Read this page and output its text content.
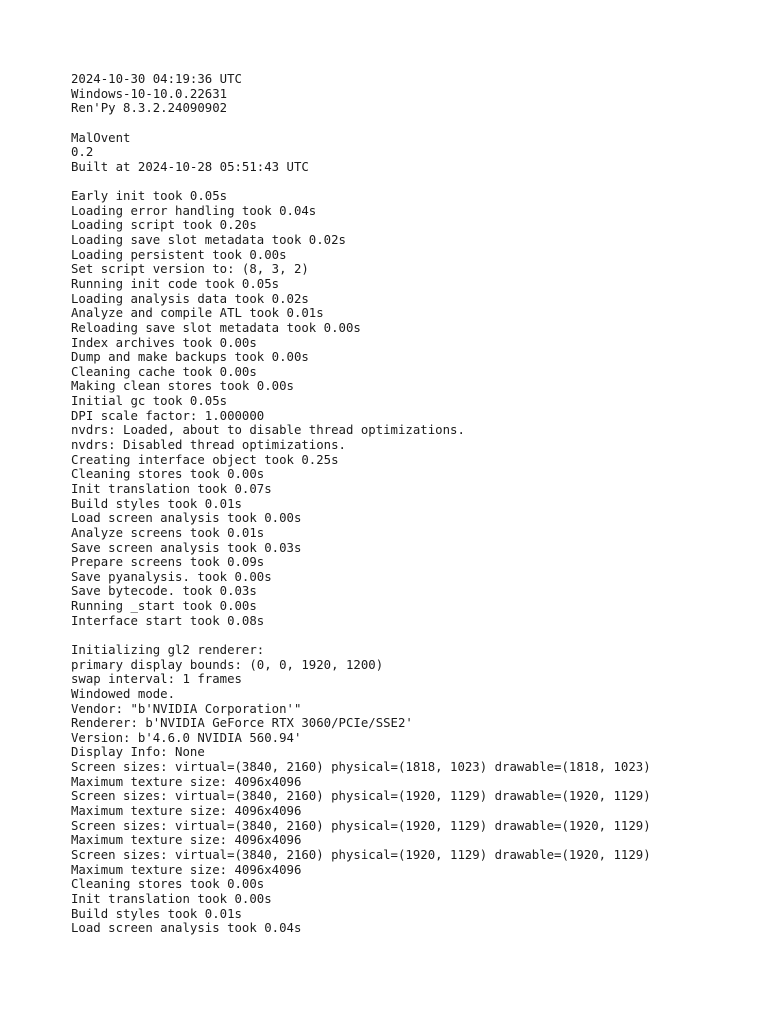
2024-10-30 04:19:36 UTC
Windows-10-10.0.22631
Ren'Py 8.3.2.24090902
MalOvent
0.2
Built at 2024-10-28 05:51:43 UTC
Early init took 0.05s
Loading error handling took 0.04s
Loading script took 0.20s
Loading save slot metadata took 0.02s
Loading persistent took 0.00s
Set script version to: (8, 3, 2)
Running init code took 0.05s
Loading analysis data took 0.02s
Analyze and compile ATL took 0.01s
Reloading save slot metadata took 0.00s
Index archives took 0.00s
Dump and make backups took 0.00s
Cleaning cache took 0.00s
Making clean stores took 0.00s
Initial gc took 0.05s
DPI scale factor: 1.000000
nvdrs: Loaded, about to disable thread optimizations.
nvdrs: Disabled thread optimizations.
Creating interface object took 0.25s
Cleaning stores took 0.00s
Init translation took 0.07s
Build styles took 0.01s
Load screen analysis took 0.00s
Analyze screens took 0.01s
Save screen analysis took 0.03s
Prepare screens took 0.09s
Save pyanalysis. took 0.00s
Save bytecode. took 0.03s
Running _start took 0.00s
Interface start took 0.08s
Initializing gl2 renderer:
primary display bounds: (0, 0, 1920, 1200)
swap interval: 1 frames
Windowed mode.
Vendor: "b'NVIDIA Corporation'"
Renderer: b'NVIDIA GeForce RTX 3060/PCIe/SSE2'
Version: b'4.6.0 NVIDIA 560.94'
Display Info: None
Screen sizes: virtual=(3840, 2160) physical=(1818, 1023) drawable=(1818, 1023)
Maximum texture size: 4096x4096
Screen sizes: virtual=(3840, 2160) physical=(1920, 1129) drawable=(1920, 1129)
Maximum texture size: 4096x4096
Screen sizes: virtual=(3840, 2160) physical=(1920, 1129) drawable=(1920, 1129)
Maximum texture size: 4096x4096
Screen sizes: virtual=(3840, 2160) physical=(1920, 1129) drawable=(1920, 1129)
Maximum texture size: 4096x4096
Cleaning stores took 0.00s
Init translation took 0.00s
Build styles took 0.01s
Load screen analysis took 0.04s
